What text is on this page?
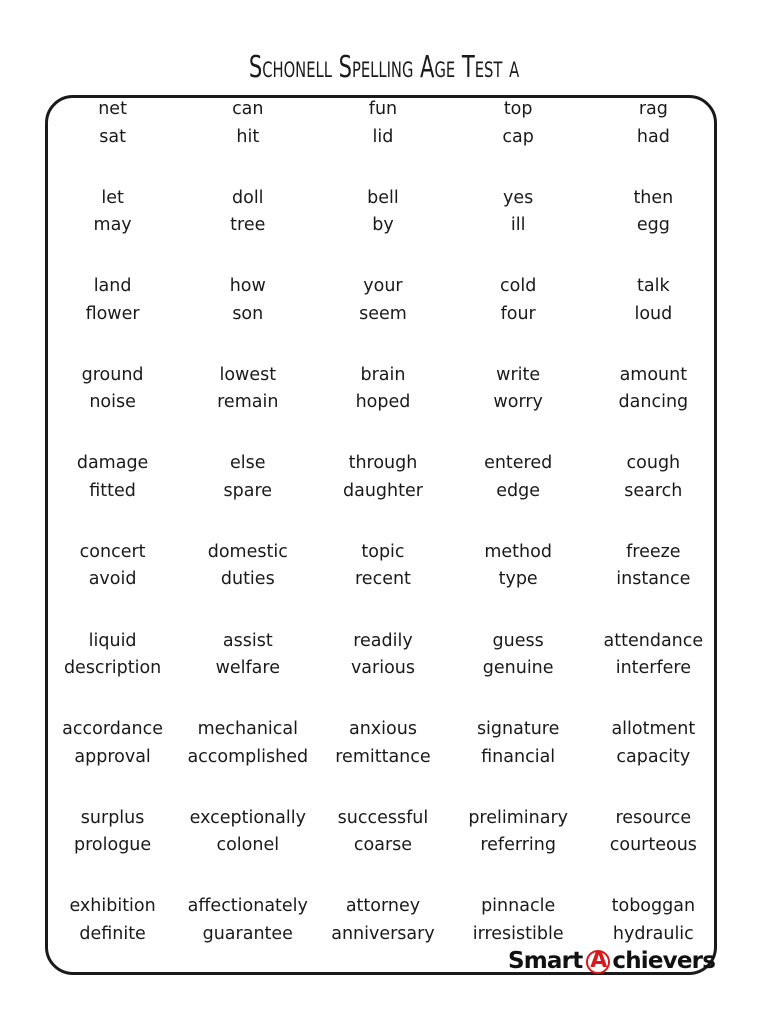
Schonell Spelling Age Test a
net
sat
can
hit
fun
lid
top
cap
rag
had
let
may
doll
tree
bell
by
yes
ill
then
egg
land
flower
how
son
your
seem
cold
four
talk
loud
ground
noise
lowest
remain
brain
hoped
write
worry
amount
dancing
damage
fitted
else
spare
through
daughter
entered
edge
cough
search
concert
avoid
domestic
duties
topic
recent
method
type
freeze
instance
liquid
description
assist
welfare
readily
various
guess
genuine
attendance
interfere
accordance
approval
mechanical
accomplished
anxious
remittance
signature
financial
allotment
capacity
surplus
prologue
exceptionally
colonel
successful
coarse
preliminary
referring
resource
courteous
exhibition
definite
affectionately
guarantee
attorney
anniversary
pinnacle
irresistible
toboggan
hydraulic
Smart A chievers
